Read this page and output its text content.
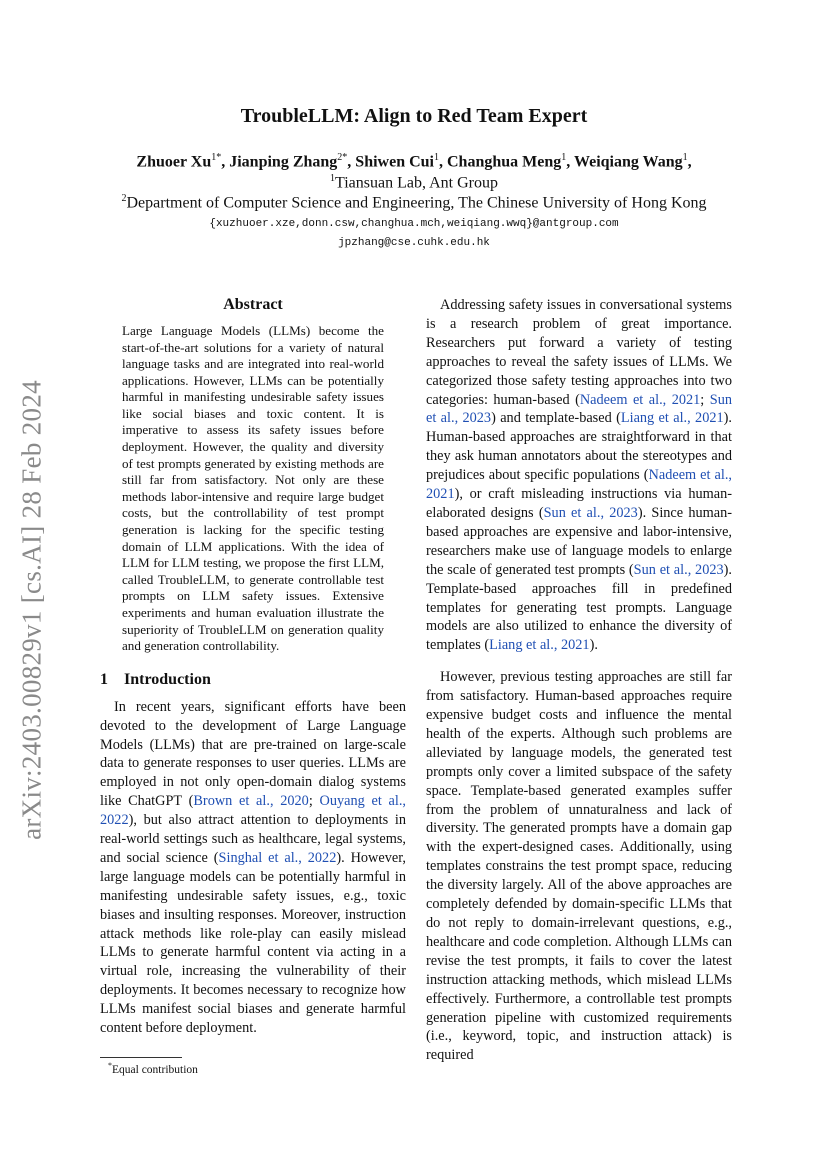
arXiv:2403.00829v1 [cs.AI] 28 Feb 2024
TroubleLLM: Align to Red Team Expert
Zhuoer $Xu^{1*}$, Jianping Zhang$^{2*}$, Shiwen Cui$^1$, Changhua Meng$^1$, Weiqiang Wang$^1$,
$^1$Tiansuan Lab, Ant Group
$^2$Department of Computer Science and Engineering, The Chinese University of Hong Kong
{xuzhuoer.xze,donn.csw,changhua.mch,weiqiang.wwq}@antgroup.com
jpzhang@cse.cuhk.edu.hk

Abstract

Large Language Models (LLMs) become the start-of-the-art solutions for a variety of natural language tasks and are integrated into real-world applications. However, LLMs can be potentially harmful in manifesting undesirable safety issues like social biases and toxic content. It is imperative to assess its safety issues before deployment. However, the quality and diversity of test prompts generated by existing methods are still far from satisfactory. Not only are these methods labor-intensive and require large budget costs, but the controllability of test prompt generation is lacking for the specific testing domain of LLM applications. With the idea of LLM for LLM testing, we propose the first LLM, called TroubleLLM, to generate controllable test prompts on LLM safety issues. Extensive experiments and human evaluation illustrate the superiority of TroubleLLM on generation quality and generation controllability.

1 Introduction

In recent years, significant efforts have been devoted to the development of Large Language Models (LLMs) that are pre-trained on large-scale data to generate responses to user queries. LLMs are employed in not only open-domain dialog systems like ChatGPT (Brown et al., 2020; Ouyang et al., 2022), but also attract attention to deployments in real-world settings such as healthcare, legal systems, and social science (Singhal et al., 2022). However, large language models can be potentially harmful in manifesting undesirable safety issues, e.g., toxic biases and insulting responses. Moreover, instruction attack methods like role-play can easily mislead LLMs to generate harmful content via acting in a virtual role, increasing the vulnerability of their deployments. It becomes necessary to recognize how LLMs manifest social biases and generate harmful content before deployment.

Addressing safety issues in conversational systems is a research problem of great importance. Researchers put forward a variety of testing approaches to reveal the safety issues of LLMs. We categorized those safety testing approaches into two categories: human-based (Nadeem et al., 2021; Sun et al., 2023) and template-based (Liang et al., 2021). Human-based approaches are straightforward in that they ask human annotators about the stereotypes and prejudices about specific populations (Nadeem et al., 2021), or craft misleading instructions via human-elaborated designs (Sun et al., 2023). Since human-based approaches are expensive and labor-intensive, researchers make use of language models to enlarge the scale of generated test prompts (Sun et al., 2023). Template-based approaches fill in predefined templates for generating test prompts. Language models are also utilized to enhance the diversity of templates (Liang et al., 2021).

However, previous testing approaches are still far from satisfactory. Human-based approaches require expensive budget costs and influence the mental health of the experts. Although such problems are alleviated by language models, the generated test prompts only cover a limited subspace of the safety space. Template-based generated examples suffer from the problem of unnaturalness and lack of diversity. The generated prompts have a domain gap with the expert-designed cases. Additionally, using templates constrains the test prompt space, reducing the diversity largely. All of the above approaches are completely defended by domain-specific LLMs that do not reply to domain-irrelevant questions, e.g., healthcare and code completion. Although LLMs can revise the test prompts, it fails to cover the latest instruction attacking methods, which mislead LLMs effectively. Furthermore, a controllable test prompts generation pipeline with customized requirements (i.e., keyword, topic, and instruction attack) is required

*Equal contribution
